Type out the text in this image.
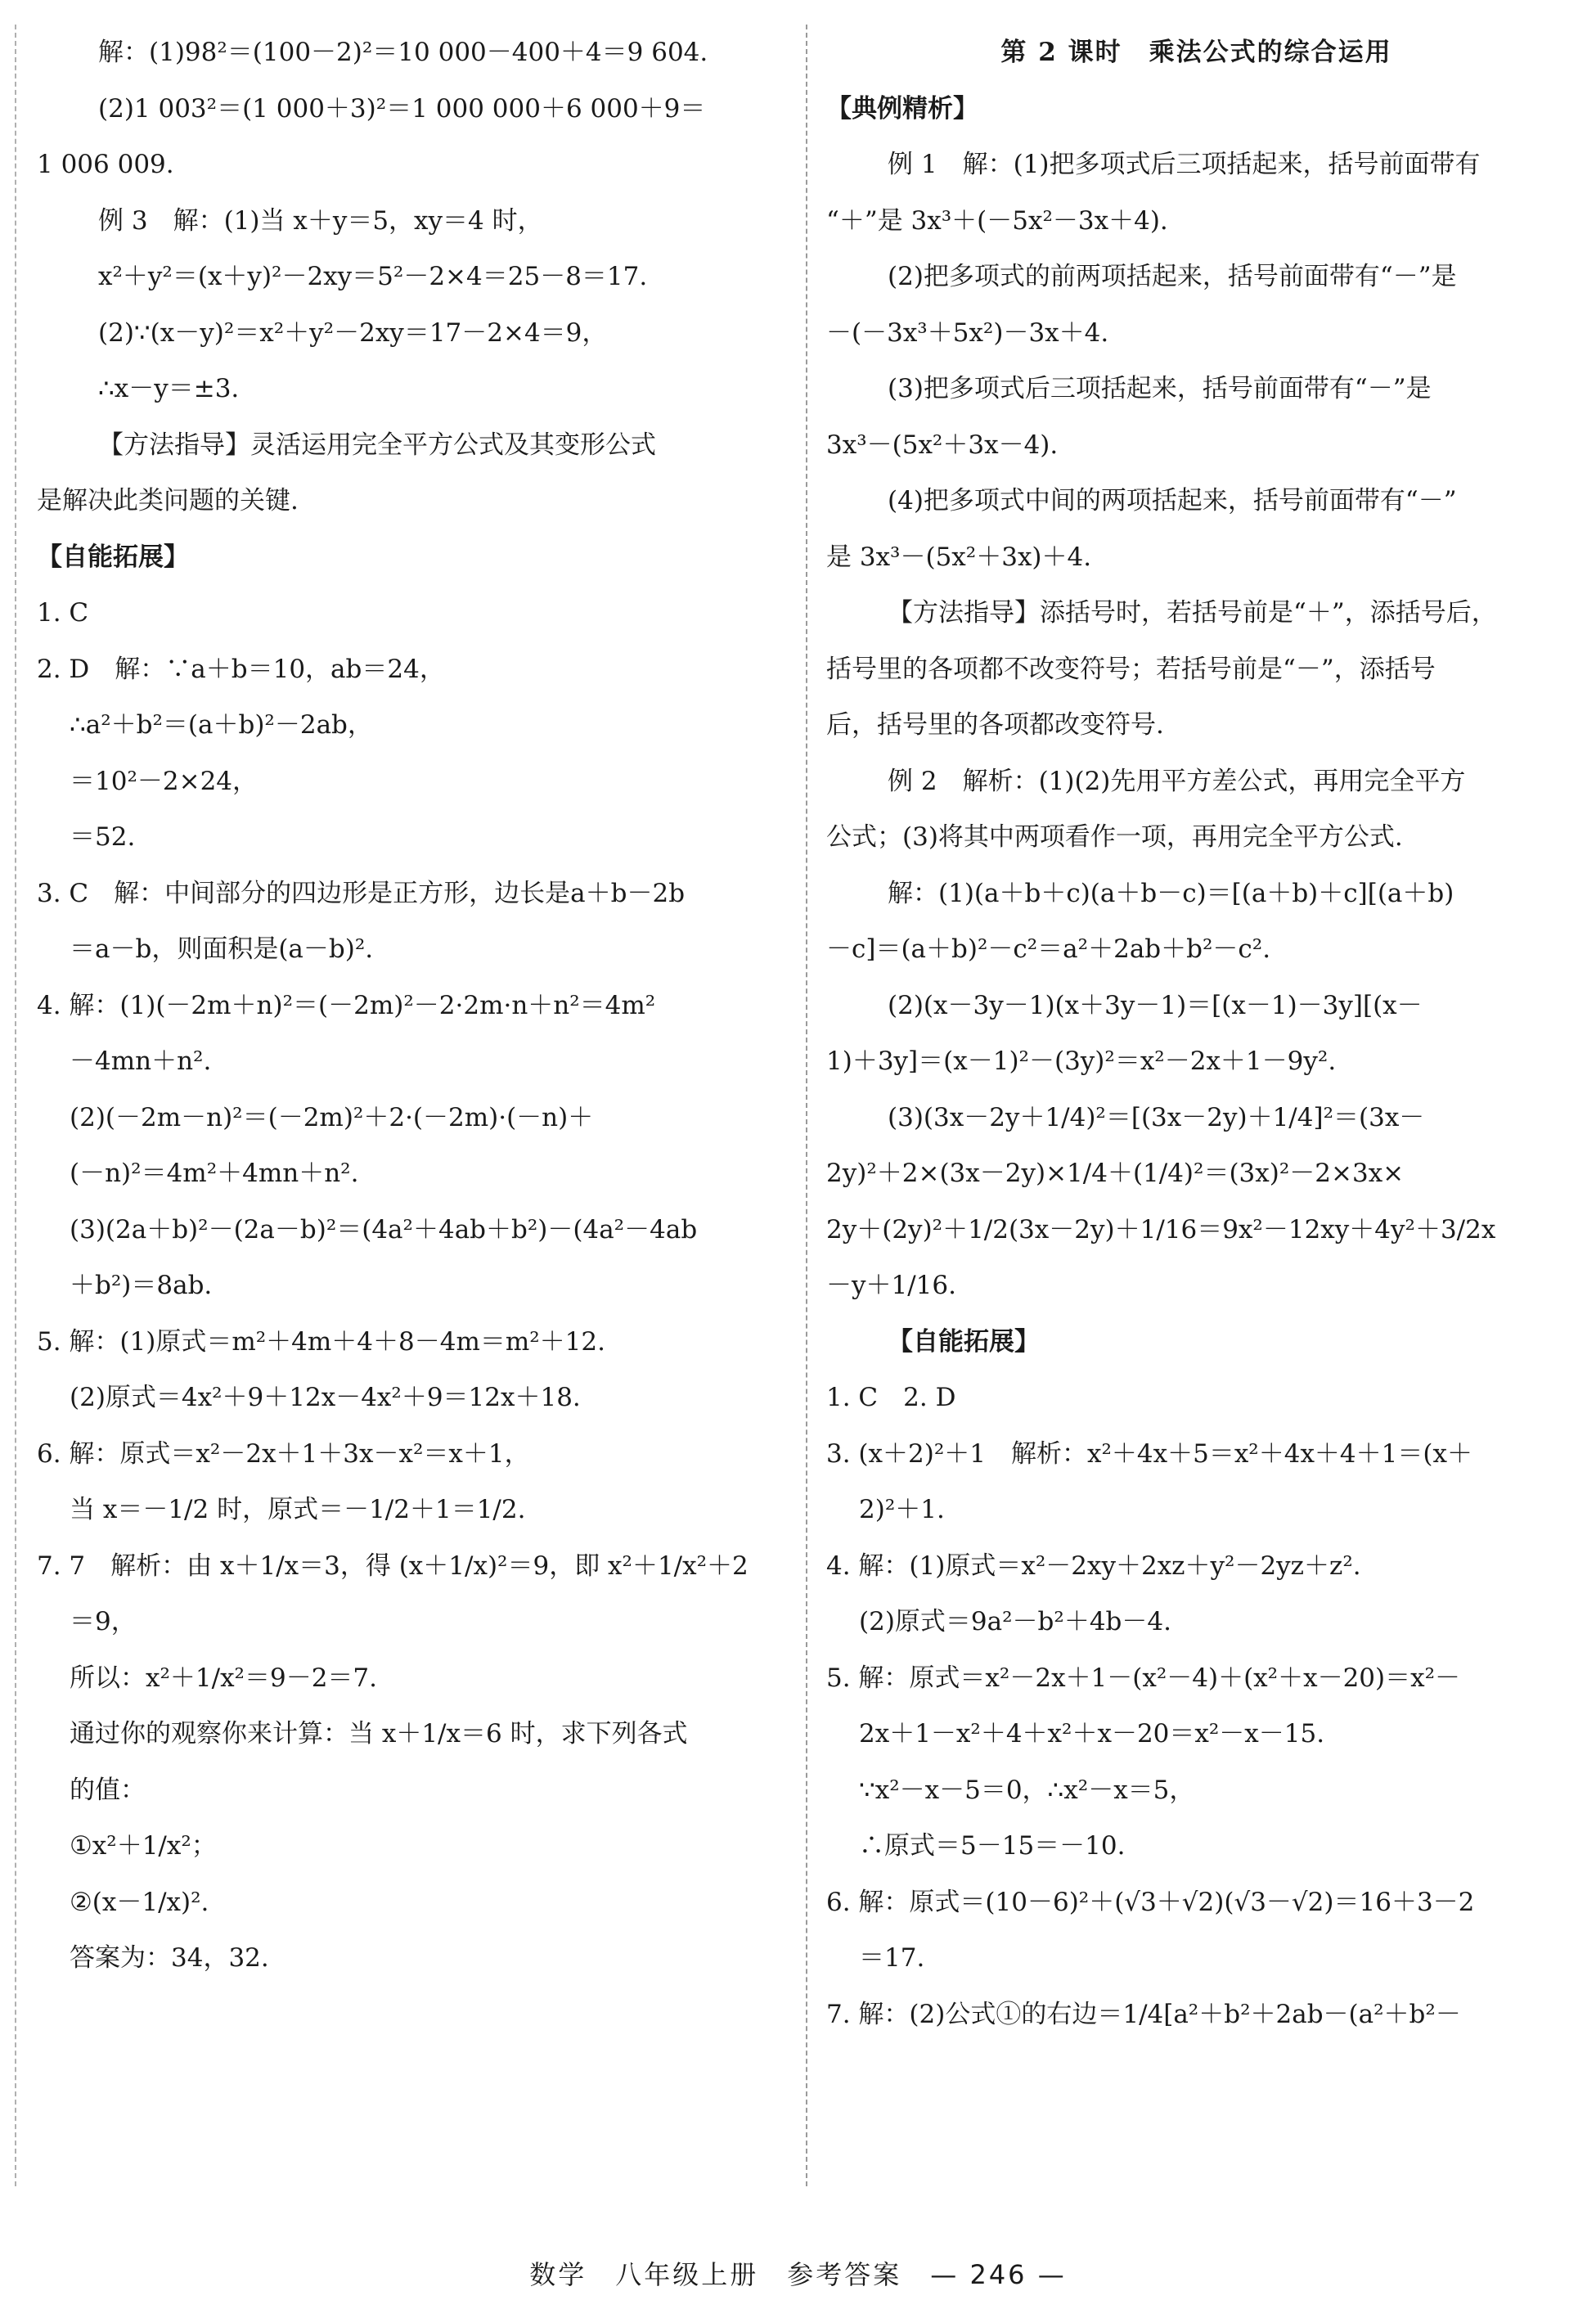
解：(1)98²＝(100－2)²＝10 000－400＋4＝9 604.
(2)1 003²＝(1 000＋3)²＝1 000 000＋6 000＋9＝
1 006 009.
例 3　解：(1)当 x＋y＝5，xy＝4 时，
x²＋y²＝(x＋y)²－2xy＝5²－2×4＝25－8＝17.
(2)∵(x－y)²＝x²＋y²－2xy＝17－2×4＝9，
∴x－y＝±3.
【方法指导】灵活运用完全平方公式及其变形公式
是解决此类问题的关键.
【自能拓展】
1. C
2. D　解：∵a＋b＝10，ab＝24，
∴a²＋b²＝(a＋b)²－2ab，
＝10²－2×24，
＝52.
3. C　解：中间部分的四边形是正方形，边长是a＋b－2b
＝a－b，则面积是(a－b)².
4. 解：(1)(－2m＋n)²＝(－2m)²－2·2m·n＋n²＝4m²
－4mn＋n².
(2)(－2m－n)²＝(－2m)²＋2·(－2m)·(－n)＋
(－n)²＝4m²＋4mn＋n².
(3)(2a＋b)²－(2a－b)²＝(4a²＋4ab＋b²)－(4a²－4ab
＋b²)＝8ab.
5. 解：(1)原式＝m²＋4m＋4＋8－4m＝m²＋12.
(2)原式＝4x²＋9＋12x－4x²＋9＝12x＋18.
6. 解：原式＝x²－2x＋1＋3x－x²＝x＋1，
当 x＝－1/2 时，原式＝－1/2＋1＝1/2.
7. 7　解析：由 x＋1/x＝3，得 (x＋1/x)²＝9，即 x²＋1/x²＋2
＝9，
所以：x²＋1/x²＝9－2＝7.
通过你的观察你来计算：当 x＋1/x＝6 时，求下列各式
的值：
①x²＋1/x²；
②(x－1/x)².
答案为：34，32.
第 2 课时　乘法公式的综合运用
【典例精析】
例 1　解：(1)把多项式后三项括起来，括号前面带有
“＋”是 3x³＋(－5x²－3x＋4).
(2)把多项式的前两项括起来，括号前面带有“－”是
－(－3x³＋5x²)－3x＋4.
(3)把多项式后三项括起来，括号前面带有“－”是
3x³－(5x²＋3x－4).
(4)把多项式中间的两项括起来，括号前面带有“－”
是 3x³－(5x²＋3x)＋4.
【方法指导】添括号时，若括号前是“＋”，添括号后，
括号里的各项都不改变符号；若括号前是“－”，添括号
后，括号里的各项都改变符号.
例 2　解析：(1)(2)先用平方差公式，再用完全平方
公式；(3)将其中两项看作一项，再用完全平方公式.
解：(1)(a＋b＋c)(a＋b－c)＝[(a＋b)＋c][(a＋b)
－c]＝(a＋b)²－c²＝a²＋2ab＋b²－c².
(2)(x－3y－1)(x＋3y－1)＝[(x－1)－3y][(x－
1)＋3y]＝(x－1)²－(3y)²＝x²－2x＋1－9y².
(3)(3x－2y＋1/4)²＝[(3x－2y)＋1/4]²＝(3x－
2y)²＋2×(3x－2y)×1/4＋(1/4)²＝(3x)²－2×3x×
2y＋(2y)²＋1/2(3x－2y)＋1/16＝9x²－12xy＋4y²＋3/2x
－y＋1/16.
【自能拓展】
1. C　2. D
3. (x＋2)²＋1　解析：x²＋4x＋5＝x²＋4x＋4＋1＝(x＋
2)²＋1.
4. 解：(1)原式＝x²－2xy＋2xz＋y²－2yz＋z².
(2)原式＝9a²－b²＋4b－4.
5. 解：原式＝x²－2x＋1－(x²－4)＋(x²＋x－20)＝x²－
2x＋1－x²＋4＋x²＋x－20＝x²－x－15.
∵x²－x－5＝0，∴x²－x＝5，
∴原式＝5－15＝－10.
6. 解：原式＝(10－6)²＋(√3＋√2)(√3－√2)＝16＋3－2
＝17.
7. 解：(2)公式①的右边＝1/4[a²＋b²＋2ab－(a²＋b²－
数学　八年级上册　参考答案　— 246 —
